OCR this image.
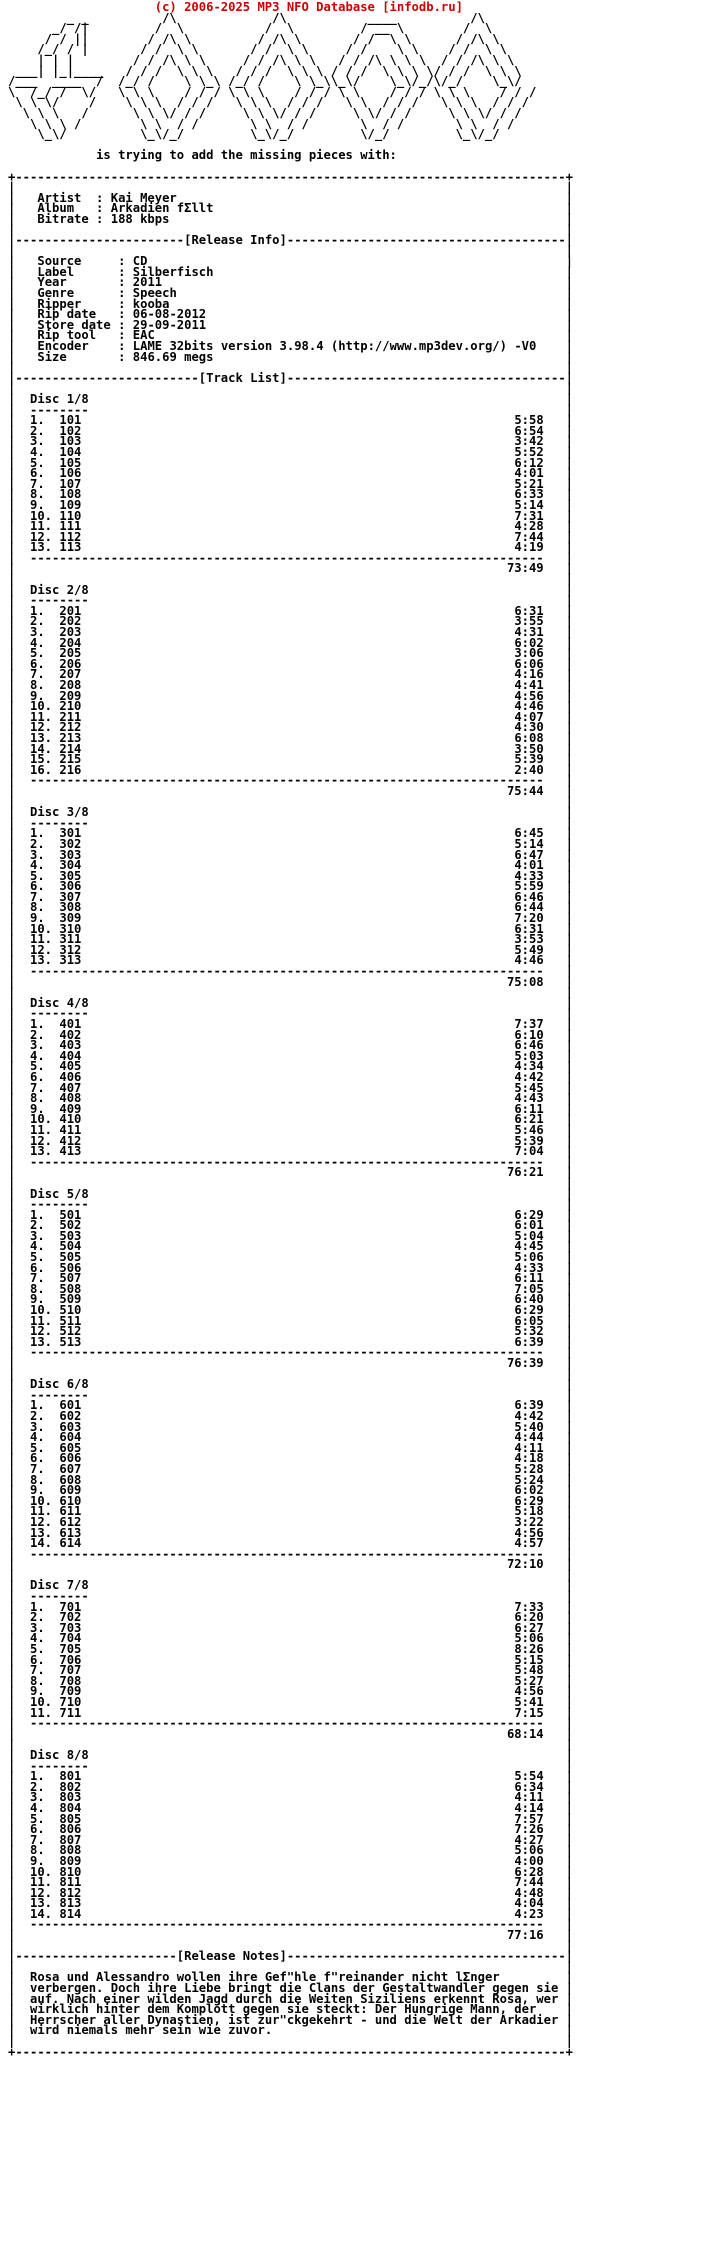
(c) 2006-2025 MP3 NFO Database [infodb.ru]
_ _          /\             /\           ____          /\
_/ /|         /  \           /  \         / __ \        /  \
/ / ||        / /\ \         / /\ \       / /  \ \      / /\ \
/_/ / |       / /  \ \       / /  \ \     / /    \ \    / /  \ \
| | |        / / /\ \ \     / / /\ \ \   / / /\ \ \ \  / / /\ \ \
___| |_|____   / / /  \ \ \   / / /  \ \ \ / / /  \ \ \ \/ / /  \ \ \
/___  ____  /  /_/ /    \ \_\ /_/ /    \ \_\\_\/    \_\/_/\/_/    \_\/
\  /_/ /  \/   \ \ \    / / / \ \ \    / / / \ \    / / / \ \ \    / / /
\ \ \/    /    \ \ \  / / /   \ \ \  / / /   \ \  / / /   \ \ \  / / /
\ \ \   /      \ \ \/ / /     \ \ \/ / /     \ \/ / /     \ \ \/ / /
\ \ \ /        \ \  / /       \ \  / /       \  / /       \ \  / /
\_\/          \_\/_/         \_\/_/         \/_/         \_\/_/

is trying to add the missing pieces with:

+---------------------------------------------------------------------------+
|                                                                           |
|   Artist  : Kai Meyer	|
|   Album   : Arkadien fΣllt	|
|   Bitrate : 188 kbps	|
|                                                                           |
|-----------------------[Release Info]--------------------------------------|
|                                                                           |
|   Source     : CD	|
|   Label      : Silberfisch	|
|   Year       : 2011	|
|   Genre      : Speech	|
|   Ripper     : kooba	|
|   Rip date   : 06-08-2012	|
|   Store date : 29-09-2011	|
|   Rip tool   : EAC	|
|   Encoder    : LAME 32bits version 3.98.4 (http://www.mp3dev.org/) -V0    |
|   Size       : 846.69 megs	|
|                                                                           |
|-------------------------[Track List]--------------------------------------|
|                                                                           |
|  Disc 1/8	|
|  --------                                                                 |
|  1.  101	5:58   |
|  2.  102	6:54   |
|  3.  103	3:42   |
|  4.  104	5:52   |
|  5.  105	6:12   |
|  6.  106	4:01   |
|  7.  107	5:21   |
|  8.  108	6:33   |
|  9.  109	5:14   |
|  10. 110	7:31   |
|  11. 111	4:28   |
|  12. 112	7:44   |
|  13. 113	4:19   |
|  ----------------------------------------------------------------------   |
|                                                                   73:49   |
|                                                                           |
|  Disc 2/8	|
|  --------                                                                 |
|  1.  201	6:31   |
|  2.  202	3:55   |
|  3.  203	4:31   |
|  4.  204	6:02   |
|  5.  205	3:06   |
|  6.  206	6:06   |
|  7.  207	4:16   |
|  8.  208	4:41   |
|  9.  209	4:56   |
|  10. 210	4:46   |
|  11. 211	4:07   |
|  12. 212	4:30   |
|  13. 213	6:08   |
|  14. 214	3:50   |
|  15. 215	5:39   |
|  16. 216	2:40   |
|  ----------------------------------------------------------------------   |
|                                                                   75:44   |
|                                                                           |
|  Disc 3/8	|
|  --------                                                                 |
|  1.  301	6:45   |
|  2.  302	5:14   |
|  3.  303	6:47   |
|  4.  304	4:01   |
|  5.  305	4:33   |
|  6.  306	5:59   |
|  7.  307	6:46   |
|  8.  308	6:44   |
|  9.  309	7:20   |
|  10. 310	6:31   |
|  11. 311	3:53   |
|  12. 312	5:49   |
|  13. 313	4:46   |
|  ----------------------------------------------------------------------   |
|                                                                   75:08   |
|                                                                           |
|  Disc 4/8	|
|  --------                                                                 |
|  1.  401	7:37   |
|  2.  402	6:10   |
|  3.  403	6:46   |
|  4.  404	5:03   |
|  5.  405	4:34   |
|  6.  406	4:42   |
|  7.  407	5:45   |
|  8.  408	4:43   |
|  9.  409	6:11   |
|  10. 410	6:21   |
|  11. 411	5:46   |
|  12. 412	5:39   |
|  13. 413	7:04   |
|  ----------------------------------------------------------------------   |
|                                                                   76:21   |
|                                                                           |
|  Disc 5/8	|
|  --------                                                                 |
|  1.  501	6:29   |
|  2.  502	6:01   |
|  3.  503	5:04   |
|  4.  504	4:45   |
|  5.  505	5:06   |
|  6.  506	4:33   |
|  7.  507	6:11   |
|  8.  508	7:05   |
|  9.  509	6:40   |
|  10. 510	6:29   |
|  11. 511	6:05   |
|  12. 512	5:32   |
|  13. 513	6:39   |
|  ----------------------------------------------------------------------   |
|                                                                   76:39   |
|                                                                           |
|  Disc 6/8	|
|  --------                                                                 |
|  1.  601	6:39   |
|  2.  602	4:42   |
|  3.  603	5:40   |
|  4.  604	4:44   |
|  5.  605	4:11   |
|  6.  606	4:18   |
|  7.  607	5:28   |
|  8.  608	5:24   |
|  9.  609	6:02   |
|  10. 610	6:29   |
|  11. 611	5:18   |
|  12. 612	3:22   |
|  13. 613	4:56   |
|  14. 614	4:57   |
|  ----------------------------------------------------------------------   |
|                                                                   72:10   |
|                                                                           |
|  Disc 7/8	|
|  --------                                                                 |
|  1.  701	7:33   |
|  2.  702	6:20   |
|  3.  703	6:27   |
|  4.  704	5:06   |
|  5.  705	8:26   |
|  6.  706	5:15   |
|  7.  707	5:48   |
|  8.  708	5:27   |
|  9.  709	4:56   |
|  10. 710	5:41   |
|  11. 711	7:15   |
|  ----------------------------------------------------------------------   |
|                                                                   68:14   |
|                                                                           |
|  Disc 8/8	|
|  --------                                                                 |
|  1.  801	5:54   |
|  2.  802	6:34   |
|  3.  803	4:11   |
|  4.  804	4:14   |
|  5.  805	7:57   |
|  6.  806	7:26   |
|  7.  807	4:27   |
|  8.  808	5:06   |
|  9.  809	4:00   |
|  10. 810	6:28   |
|  11. 811	7:44   |
|  12. 812	4:48   |
|  13. 813	4:04   |
|  14. 814	4:23   |
|  ----------------------------------------------------------------------   |
|                                                                   77:16   |
|                                                                           |
|----------------------[Release Notes]--------------------------------------|
|                                                                           |
|  Rosa und Alessandro wollen ihre Gef"hle f"reinander nicht lΣnger	|
|  verbergen. Doch ihre Liebe bringt die Clans der Gestaltwandler gegen sie |
|  auf. Nach einer wilden Jagd durch die Weiten Siziliens erkennt Rosa, wer |
|  wirklich hinter dem Komplott gegen sie steckt: Der Hungrige Mann, der    |
|  Herrscher aller Dynastien, ist zur"ckgekehrt - und die Welt der Arkadier |
|  wird niemals mehr sein wie zuvor.	|
|                                                                           |
+---------------------------------------------------------------------------+
